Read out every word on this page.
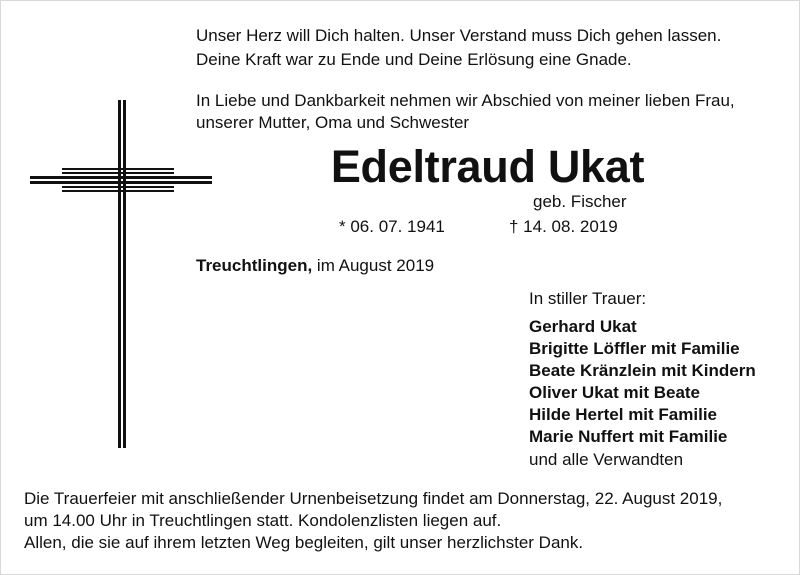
Unser Herz will Dich halten. Unser Verstand muss Dich gehen lassen.
Deine Kraft war zu Ende und Deine Erlösung eine Gnade.
In Liebe und Dankbarkeit nehmen wir Abschied von meiner lieben Frau,
unserer Mutter, Oma und Schwester
Edeltraud Ukat
geb. Fischer
* 06. 07. 1941	† 14. 08. 2019
Treuchtlingen, im August 2019
In stiller Trauer:
Gerhard Ukat
Brigitte Löffler mit Familie
Beate Kränzlein mit Kindern
Oliver Ukat mit Beate
Hilde Hertel mit Familie
Marie Nuffert mit Familie
und alle Verwandten
Die Trauerfeier mit anschließender Urnenbeisetzung findet am Donnerstag, 22. August 2019,
um 14.00 Uhr in Treuchtlingen statt. Kondolenzlisten liegen auf.
Allen, die sie auf ihrem letzten Weg begleiten, gilt unser herzlichster Dank.
